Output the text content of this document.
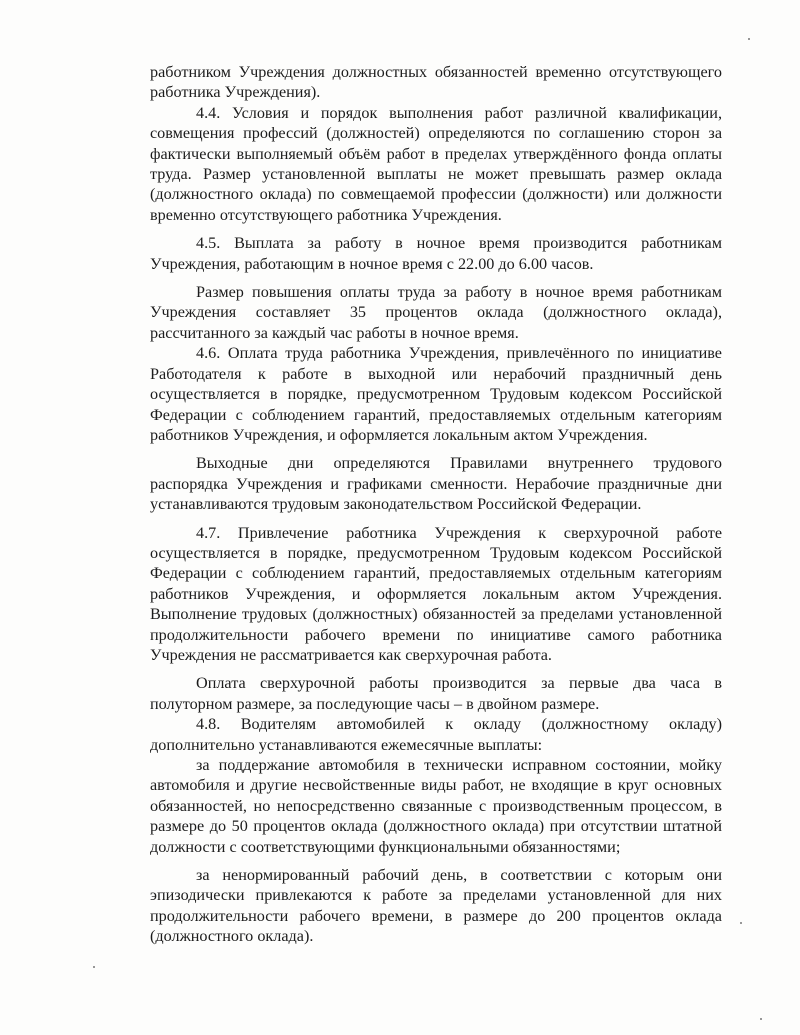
работником Учреждения должностных обязанностей временно отсутствующего работника Учреждения).

4.4. Условия и порядок выполнения работ различной квалификации, совмещения профессий (должностей) определяются по соглашению сторон за фактически выполняемый объём работ в пределах утверждённого фонда оплаты труда. Размер установленной выплаты не может превышать размер оклада (должностного оклада) по совмещаемой профессии (должности) или должности временно отсутствующего работника Учреждения.

4.5. Выплата за работу в ночное время производится работникам Учреждения, работающим в ночное время с 22.00 до 6.00 часов.

Размер повышения оплаты труда за работу в ночное время работникам Учреждения составляет 35 процентов оклада (должностного оклада), рассчитанного за каждый час работы в ночное время.

4.6. Оплата труда работника Учреждения, привлечённого по инициативе Работодателя к работе в выходной или нерабочий праздничный день осуществляется в порядке, предусмотренном Трудовым кодексом Российской Федерации с соблюдением гарантий, предоставляемых отдельным категориям работников Учреждения, и оформляется локальным актом Учреждения.

Выходные дни определяются Правилами внутреннего трудового распорядка Учреждения и графиками сменности. Нерабочие праздничные дни устанавливаются трудовым законодательством Российской Федерации.

4.7. Привлечение работника Учреждения к сверхурочной работе осуществляется в порядке, предусмотренном Трудовым кодексом Российской Федерации с соблюдением гарантий, предоставляемых отдельным категориям работников Учреждения, и оформляется локальным актом Учреждения. Выполнение трудовых (должностных) обязанностей за пределами установленной продолжительности рабочего времени по инициативе самого работника Учреждения не рассматривается как сверхурочная работа.

Оплата сверхурочной работы производится за первые два часа в полуторном размере, за последующие часы – в двойном размере.

4.8. Водителям автомобилей к окладу (должностному окладу) дополнительно устанавливаются ежемесячные выплаты:

за поддержание автомобиля в технически исправном состоянии, мойку автомобиля и другие несвойственные виды работ, не входящие в круг основных обязанностей, но непосредственно связанные с производственным процессом, в размере до 50 процентов оклада (должностного оклада) при отсутствии штатной должности с соответствующими функциональными обязанностями;

за ненормированный рабочий день, в соответствии с которым они эпизодически привлекаются к работе за пределами установленной для них продолжительности рабочего времени, в размере до 200 процентов оклада (должностного оклада).
